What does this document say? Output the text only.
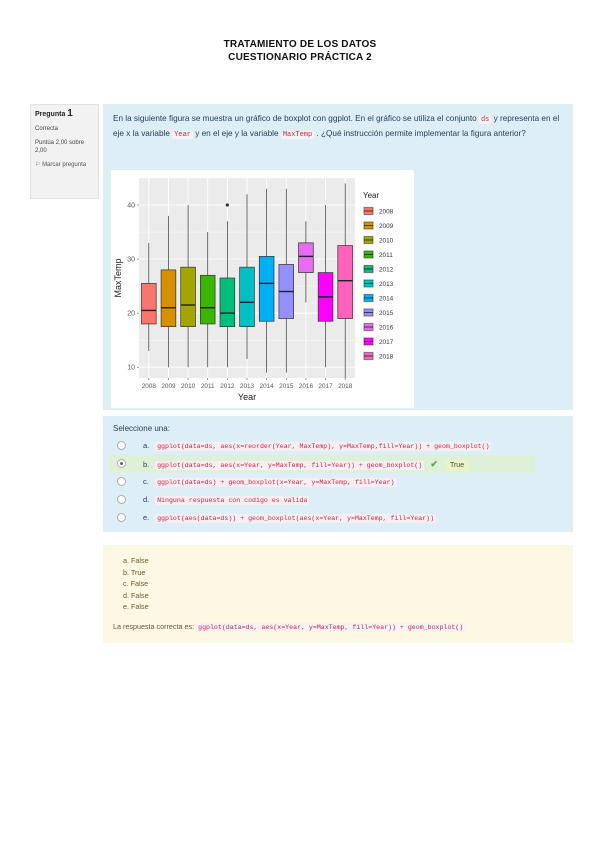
TRATAMIENTO DE LOS DATOS
CUESTIONARIO PRÁCTICA 2
Pregunta 1
Correcta
Puntúa 2,00 sobre 2,00
⚐ Marcar pregunta
En la siguiente figura se muestra un gráfico de boxplot con ggplot. En el gráfico se utiliza el conjunto ds y representa en el eje x la variable Year y en el eje y la variable MaxTemp . ¿Qué instrucción permite implementar la figura anterior?
10
20
30
40
2008 2009 2010 2011 2012 2013 2014 2015 2016 2017 2018
Year
MaxTemp
Year
2008
2009
2010
2011
2012
2013
2014
2015
2016
2017
2018
Seleccione una:
a. ggplot(data=ds, aes(x=reorder(Year, MaxTemp), y=MaxTemp,fill=Year)) + geom_boxplot()
b. ggplot(data=ds, aes(x=Year, y=MaxTemp, fill=Year)) + geom_boxplot() ✔ True
c. ggplot(data=ds) + geom_boxplot(x=Year, y=MaxTemp, fill=Year)
d. Ninguna respuesta con codigo es valida
e. ggplot(aes(data=ds)) + geom_boxplot(aes(x=Year, y=MaxTemp, fill=Year))
a. False
b. True
c. False
d. False
e. False
La respuesta correcta es: ggplot(data=ds, aes(x=Year, y=MaxTemp, fill=Year)) + geom_boxplot()
